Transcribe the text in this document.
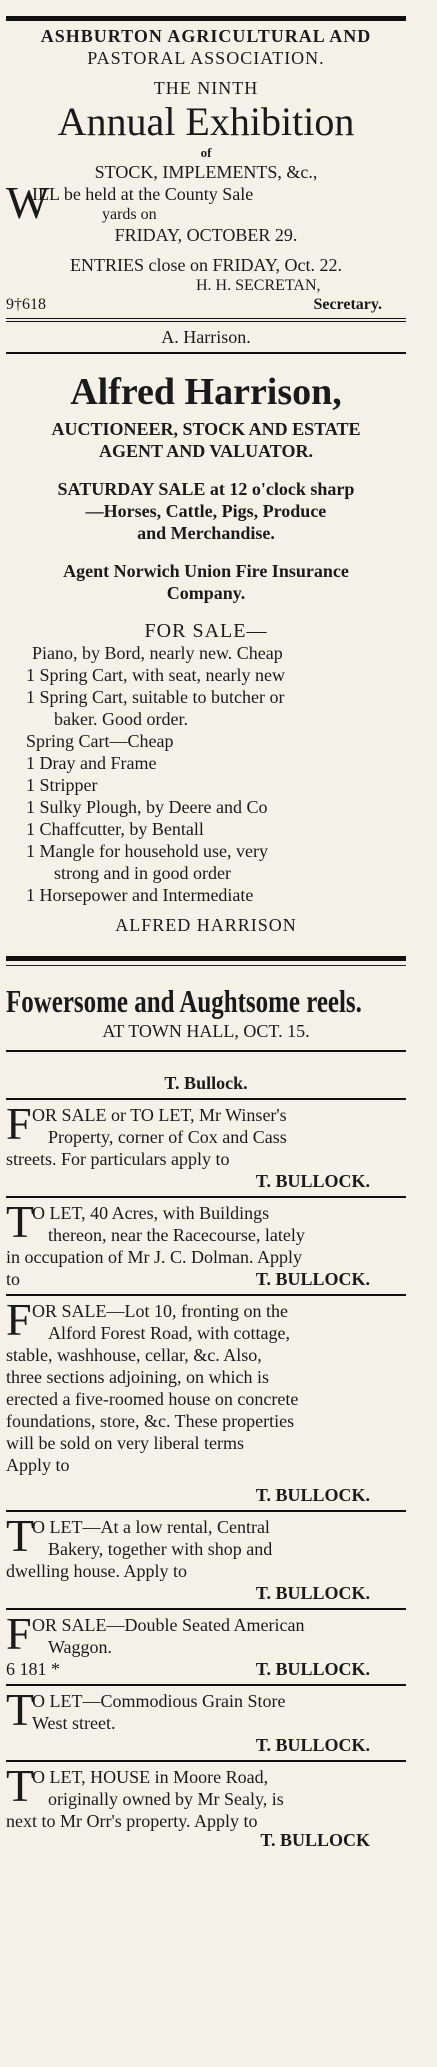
ASHBURTON AGRICULTURAL AND
PASTORAL ASSOCIATION.
THE NINTH
Annual Exhibition
of
STOCK, IMPLEMENTS, &c.,
W
ILL be held at the County Sale
yards on
FRIDAY, OCTOBER 29.
ENTRIES close on FRIDAY, Oct. 22.
H. H. SECRETAN,
9†618	Secretary.
A. Harrison.
Alfred Harrison,
AUCTIONEER, STOCK AND ESTATE
AGENT AND VALUATOR.
SATURDAY SALE at 12 o'clock sharp
—Horses, Cattle, Pigs, Produce
and Merchandise.
Agent Norwich Union Fire Insurance
Company.
FOR SALE—
Piano, by Bord, nearly new. Cheap
1 Spring Cart, with seat, nearly new
1 Spring Cart, suitable to butcher or
baker. Good order.
Spring Cart—Cheap
1 Dray and Frame
1 Stripper
1 Sulky Plough, by Deere and Co
1 Chaffcutter, by Bentall
1 Mangle for household use, very
strong and in good order
1 Horsepower and Intermediate
ALFRED HARRISON
Fowersome and Aughtsome reels.
AT TOWN HALL, OCT. 15.
T. Bullock.
F OR SALE or TO LET, Mr Winser's
Property, corner of Cox and Cass
streets. For particulars apply to
T. BULLOCK.
T
O LET, 40 Acres, with Buildings
thereon, near the Racecourse, lately
in occupation of Mr J. C. Dolman. Apply
to	T. BULLOCK.
F OR SALE—Lot 10, fronting on the
Alford Forest Road, with cottage,
stable, washhouse, cellar, &c. Also,
three sections adjoining, on which is
erected a five-roomed house on concrete
foundations, store, &c. These properties
will be sold on very liberal terms
Apply to
T. BULLOCK.
T
O LET—At a low rental, Central
Bakery, together with shop and
dwelling house. Apply to
T. BULLOCK.
F OR SALE—Double Seated American
Waggon.
6 181 *	T. BULLOCK.
T
O LET—Commodious Grain Store
West street.
T. BULLOCK.
T
O LET, HOUSE in Moore Road,
originally owned by Mr Sealy, is
next to Mr Orr's property. Apply to
T. BULLOCK
